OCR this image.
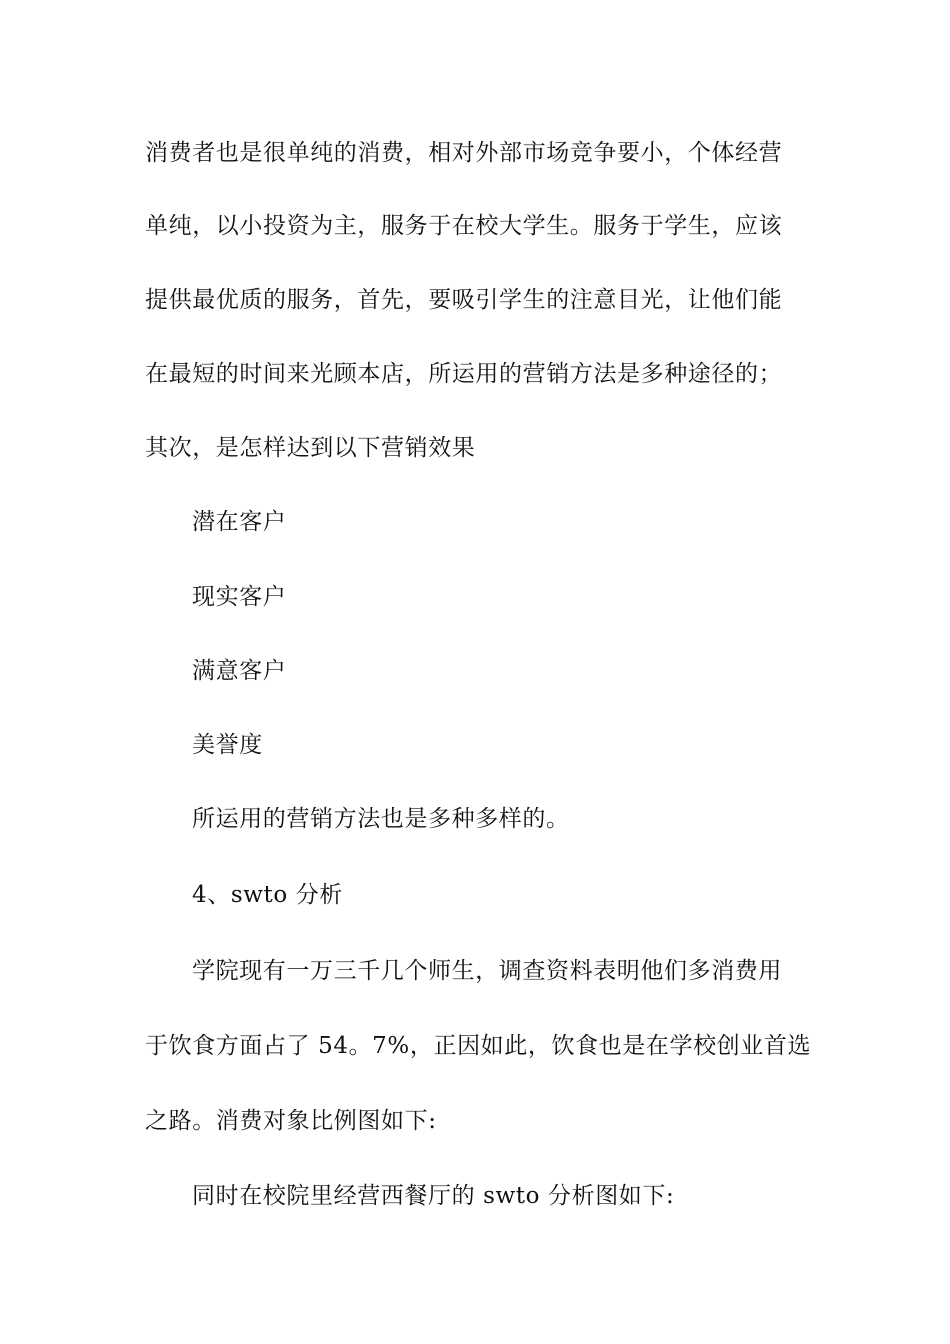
消费者也是很单纯的消费，相对外部市场竞争要小，个体经营
单纯，以小投资为主，服务于在校大学生。服务于学生，应该
提供最优质的服务，首先，要吸引学生的注意目光，让他们能
在最短的时间来光顾本店，所运用的营销方法是多种途径的；
其次，是怎样达到以下营销效果
潜在客户
现实客户
满意客户
美誉度
所运用的营销方法也是多种多样的。
4、swto 分析
学院现有一万三千几个师生，调查资料表明他们多消费用
于饮食方面占了 54。7%，正因如此，饮食也是在学校创业首选
之路。消费对象比例图如下:
同时在校院里经营西餐厅的 swto 分析图如下:
